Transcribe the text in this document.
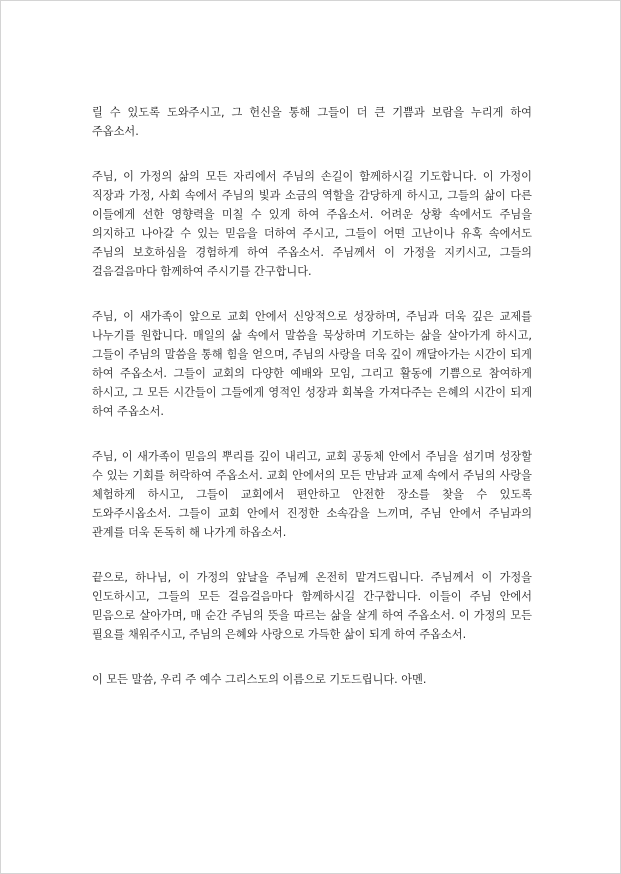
릴 수 있도록 도와주시고, 그 헌신을 통해 그들이 더 큰 기쁨과 보람을 누리게 하여 주옵소서.

주님, 이 가정의 삶의 모든 자리에서 주님의 손길이 함께하시길 기도합니다. 이 가정이 직장과 가정, 사회 속에서 주님의 빛과 소금의 역할을 감당하게 하시고, 그들의 삶이 다른 이들에게 선한 영향력을 미칠 수 있게 하여 주옵소서. 어려운 상황 속에서도 주님을 의지하고 나아갈 수 있는 믿음을 더하여 주시고, 그들이 어떤 고난이나 유혹 속에서도 주님의 보호하심을 경험하게 하여 주옵소서. 주님께서 이 가정을 지키시고, 그들의 걸음걸음마다 함께하여 주시기를 간구합니다.

주님, 이 새가족이 앞으로 교회 안에서 신앙적으로 성장하며, 주님과 더욱 깊은 교제를 나누기를 원합니다. 매일의 삶 속에서 말씀을 묵상하며 기도하는 삶을 살아가게 하시고, 그들이 주님의 말씀을 통해 힘을 얻으며, 주님의 사랑을 더욱 깊이 깨달아가는 시간이 되게 하여 주옵소서. 그들이 교회의 다양한 예배와 모임, 그리고 활동에 기쁨으로 참여하게 하시고, 그 모든 시간들이 그들에게 영적인 성장과 회복을 가져다주는 은혜의 시간이 되게 하여 주옵소서.

주님, 이 새가족이 믿음의 뿌리를 깊이 내리고, 교회 공동체 안에서 주님을 섬기며 성장할 수 있는 기회를 허락하여 주옵소서. 교회 안에서의 모든 만남과 교제 속에서 주님의 사랑을 체험하게 하시고, 그들이 교회에서 편안하고 안전한 장소를 찾을 수 있도록 도와주시옵소서. 그들이 교회 안에서 진정한 소속감을 느끼며, 주님 안에서 주님과의 관계를 더욱 돈독히 해 나가게 하옵소서.

끝으로, 하나님, 이 가정의 앞날을 주님께 온전히 맡겨드립니다. 주님께서 이 가정을 인도하시고, 그들의 모든 걸음걸음마다 함께하시길 간구합니다. 이들이 주님 안에서 믿음으로 살아가며, 매 순간 주님의 뜻을 따르는 삶을 살게 하여 주옵소서. 이 가정의 모든 필요를 채워주시고, 주님의 은혜와 사랑으로 가득한 삶이 되게 하여 주옵소서.

이 모든 말씀, 우리 주 예수 그리스도의 이름으로 기도드립니다. 아멘.
